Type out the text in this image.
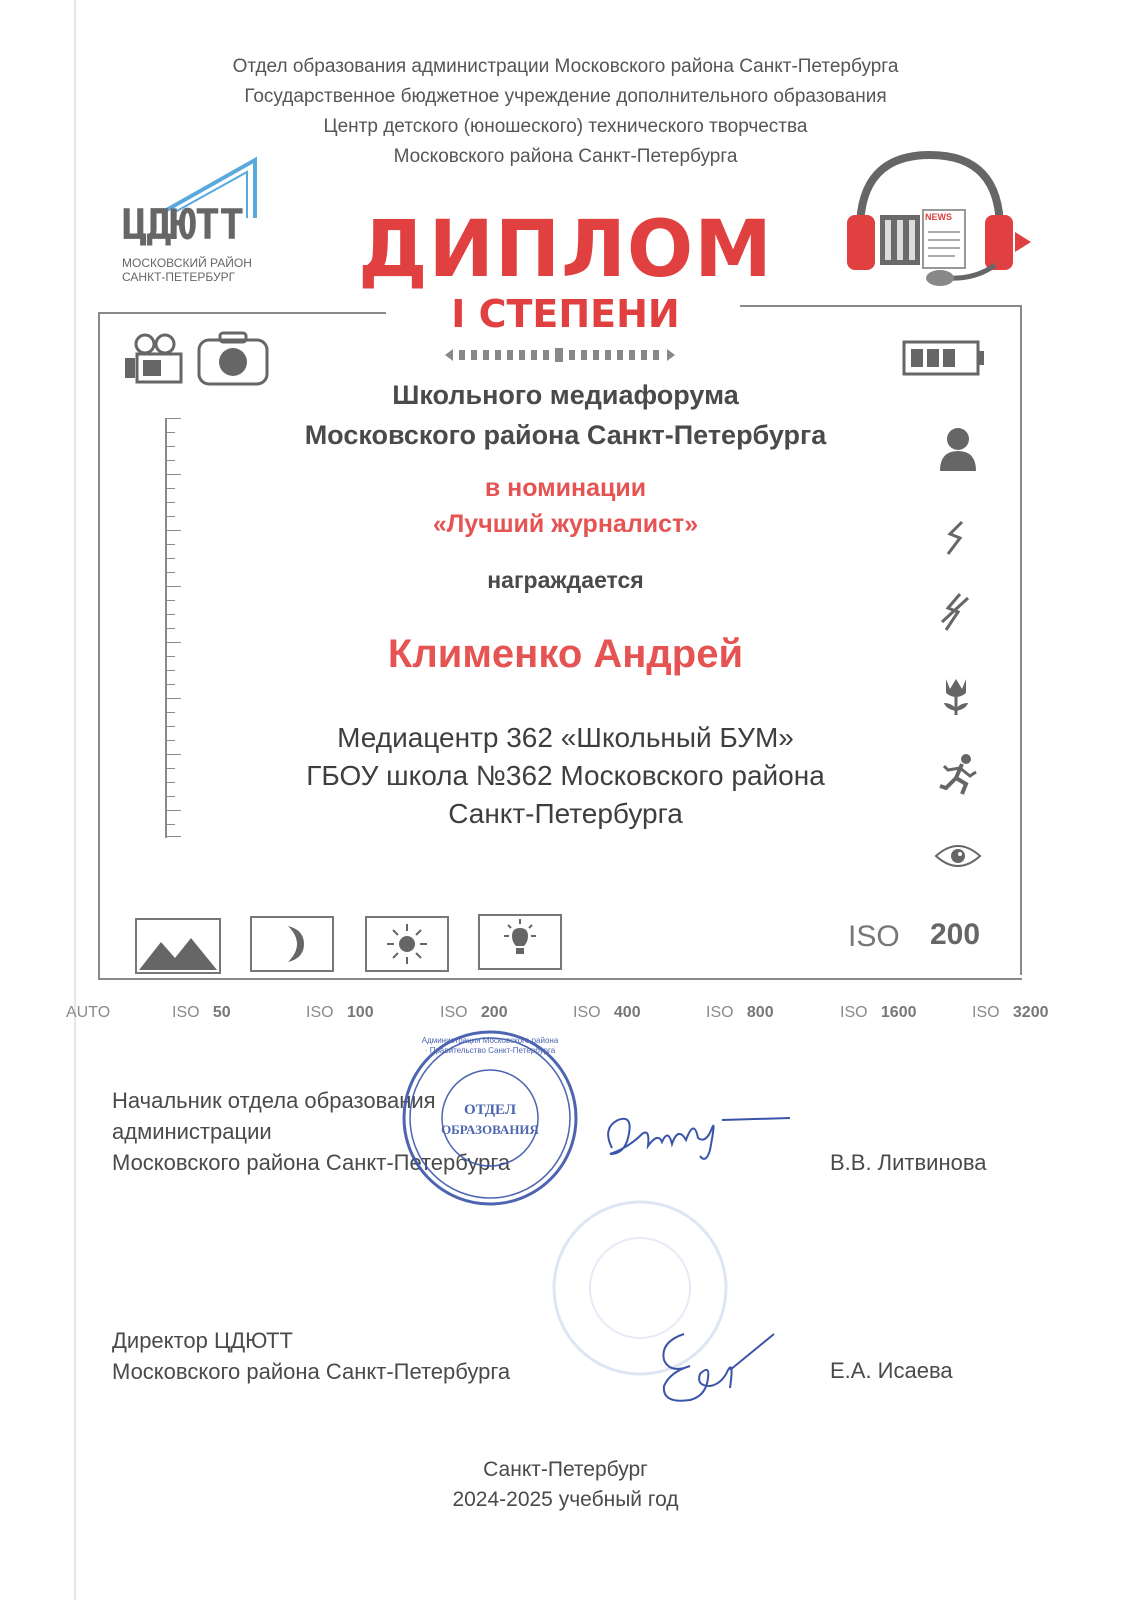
Отдел образования администрации Московского района Санкт-Петербурга
Государственное бюджетное учреждение дополнительного образования
Центр детского (юношеского) технического творчества
Московского района Санкт-Петербурга
ЦДЮТТ
МОСКОВСКИЙ РАЙОН
САНКТ-ПЕТЕРБУРГ
NEWS
ДИПЛОМ
I СТЕПЕНИ
Школьного медиафорума
Московского района Санкт-Петербурга
в номинации
«Лучший журналист»
награждается
Клименко Андрей
Медиацентр 362 «Школьный БУМ»
ГБОУ школа №362 Московского района
Санкт-Петербурга
ISO 200
AUTO	ISO 50	ISO 100	ISO 200	ISO 400	ISO 800	ISO 1600	ISO 3200
Начальник отдела образования
администрации
Московского района Санкт-Петербурга	В.В. Литвинова
Администрация Московского района · Правительство Санкт-Петербурга
ОТДЕЛ
ОБРАЗОВАНИЯ
Директор ЦДЮТТ
Московского района Санкт-Петербурга	Е.А. Исаева
Санкт-Петербург
2024-2025 учебный год
